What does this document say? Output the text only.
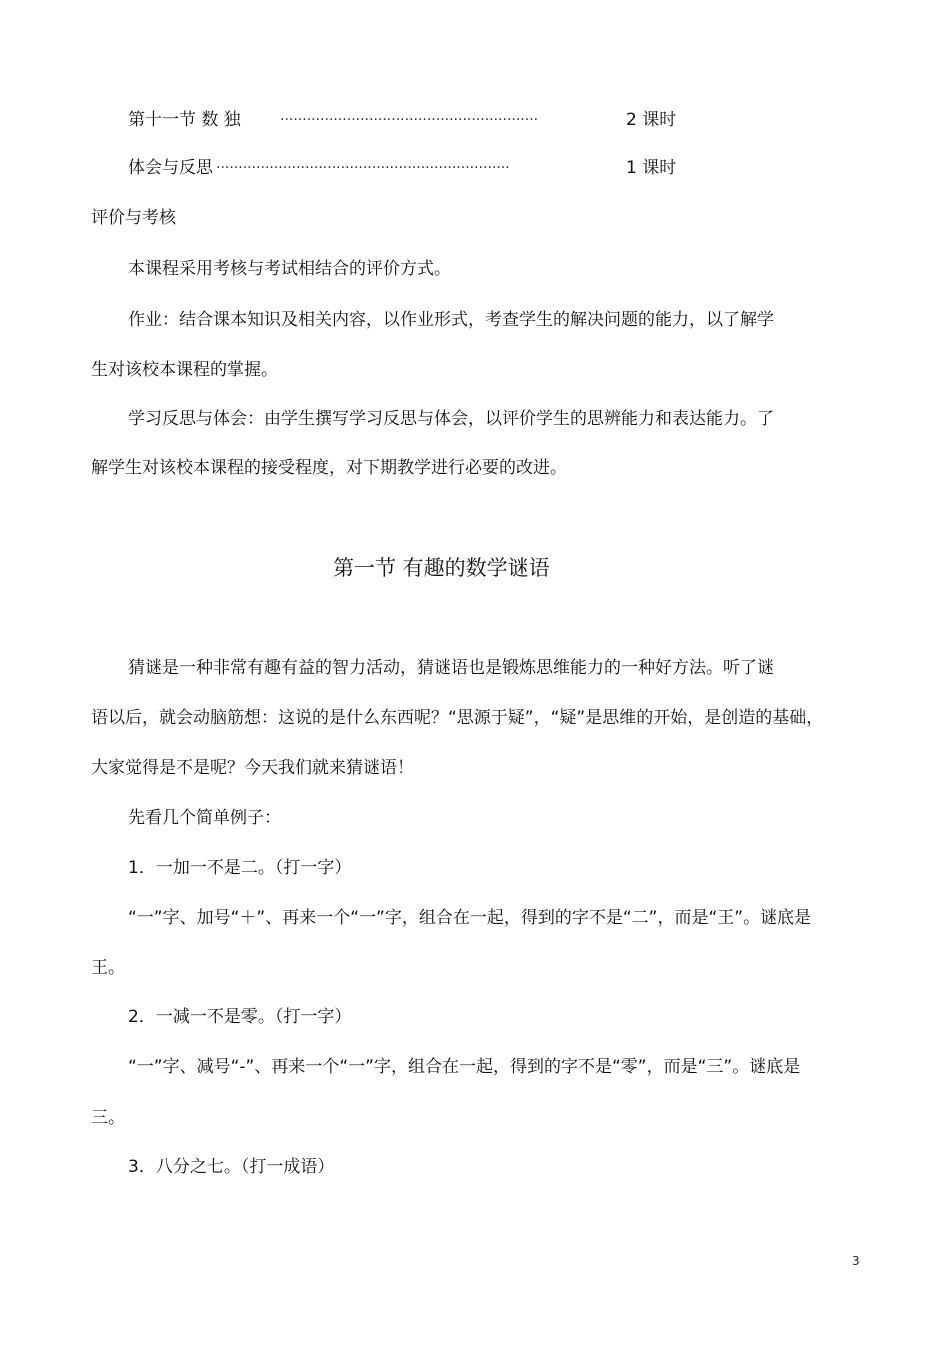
第十一节 数 独	··························································	2 课时
体会与反思 ··································································	1 课时
评价与考核
本课程采用考核与考试相结合的评价方式。
作业：结合课本知识及相关内容，以作业形式，考查学生的解决问题的能力，以了解学
生对该校本课程的掌握。
学习反思与体会：由学生撰写学习反思与体会，以评价学生的思辨能力和表达能力。了
解学生对该校本课程的接受程度，对下期教学进行必要的改进。
第一节 有趣的数学谜语
猜谜是一种非常有趣有益的智力活动，猜谜语也是锻炼思维能力的一种好方法。听了谜
语以后，就会动脑筋想：这说的是什么东西呢？“思源于疑”，“疑”是思维的开始，是创造的基础，
大家觉得是不是呢？今天我们就来猜谜语！
先看几个简单例子：
1．一加一不是二。（打一字）
“一”字、加号“＋”、再来一个“一”字，组合在一起，得到的字不是“二”，而是“王”。谜底是
王。
2．一减一不是零。（打一字）
“一”字、减号“-”、再来一个“一”字，组合在一起，得到的字不是“零”，而是“三”。谜底是
三。
3．八分之七。（打一成语）
3
